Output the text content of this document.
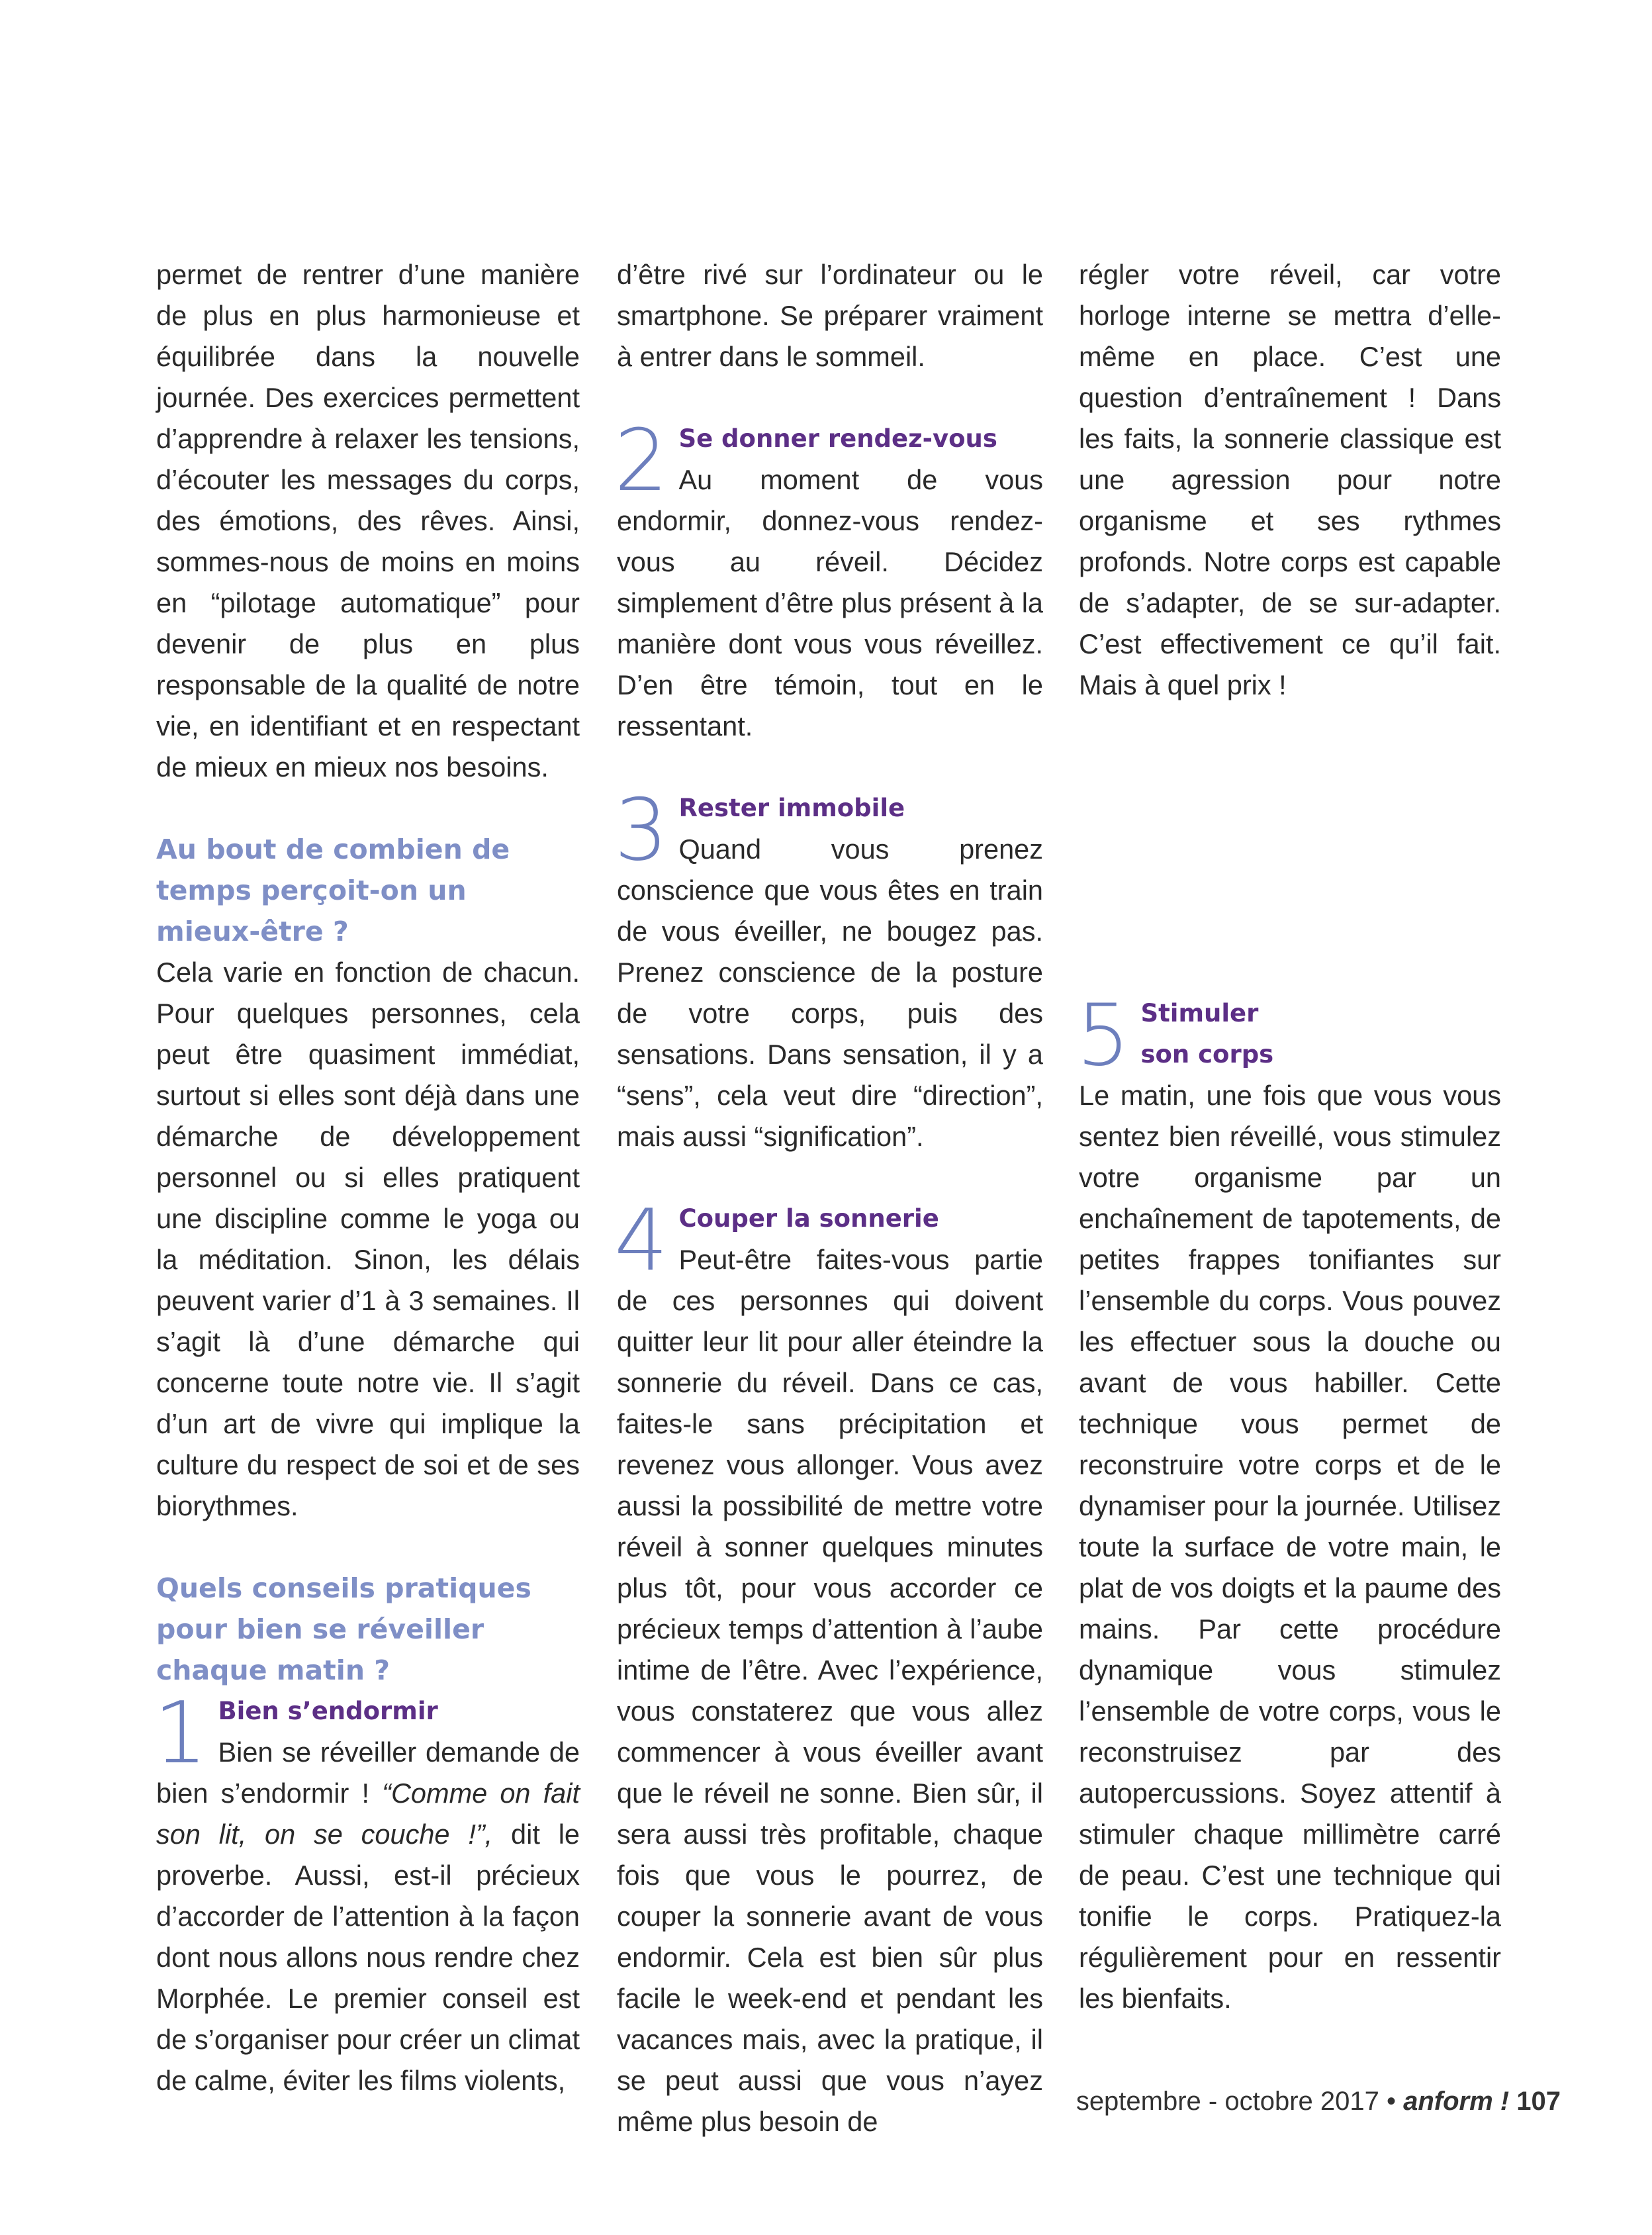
permet de rentrer d’une manière de plus en plus harmonieuse et équilibrée dans la nouvelle journée. Des exercices permettent d’apprendre à relaxer les tensions, d’écouter les messages du corps, des émotions, des rêves. Ainsi, sommes-nous de moins en moins en “pilotage automatique” pour devenir de plus en plus responsable de la qualité de notre vie, en identifiant et en respectant de mieux en mieux nos besoins.

Au bout de combien de temps perçoit-on un mieux-être ?

Cela varie en fonction de chacun. Pour quelques personnes, cela peut être quasiment immédiat, surtout si elles sont déjà dans une démarche de développement personnel ou si elles pratiquent une discipline comme le yoga ou la méditation. Sinon, les délais peuvent varier d’1 à 3 semaines. Il s’agit là d’une démarche qui concerne toute notre vie. Il s’agit d’un art de vivre qui implique la culture du respect de soi et de ses biorythmes.

Quels conseils pratiques pour bien se réveiller chaque matin ?
1 Bien s’endormir

Bien se réveiller demande de bien s’endormir ! “Comme on fait son lit, on se couche !”, dit le proverbe. Aussi, est-il précieux d’accorder de l’attention à la façon dont nous allons nous rendre chez Morphée. Le premier conseil est de s’organiser pour créer un climat de calme, éviter les films violents,

d’être rivé sur l’ordinateur ou le smartphone. Se préparer vraiment à entrer dans le sommeil.

2 Se donner rendez-vous

Au moment de vous endormir, donnez-vous rendez-vous au réveil. Décidez simplement d’être plus présent à la manière dont vous vous réveillez. D’en être témoin, tout en le ressentant.

3 Rester immobile

Quand vous prenez conscience que vous êtes en train de vous éveiller, ne bougez pas. Prenez conscience de la posture de votre corps, puis des sensations. Dans sensation, il y a “sens”, cela veut dire “direction”, mais aussi “signification”.

4 Couper la sonnerie

Peut-être faites-vous partie de ces personnes qui doivent quitter leur lit pour aller éteindre la sonnerie du réveil. Dans ce cas, faites-le sans précipitation et revenez vous allonger. Vous avez aussi la possibilité de mettre votre réveil à sonner quelques minutes plus tôt, pour vous accorder ce précieux temps d’attention à l’aube intime de l’être. Avec l’expérience, vous constaterez que vous allez commencer à vous éveiller avant que le réveil ne sonne. Bien sûr, il sera aussi très profitable, chaque fois que vous le pourrez, de couper la sonnerie avant de vous endormir. Cela est bien sûr plus facile le week-end et pendant les vacances mais, avec la pratique, il se peut aussi que vous n’ayez même plus besoin de

régler votre réveil, car votre horloge interne se mettra d’elle-même en place. C’est une question d’entraînement ! Dans les faits, la sonnerie classique est une agression pour notre organisme et ses rythmes profonds. Notre corps est capable de s’adapter, de se sur-adapter. C’est effectivement ce qu’il fait. Mais à quel prix !

5 Stimuler
son corps

Le matin, une fois que vous vous sentez bien réveillé, vous stimulez votre organisme par un enchaînement de tapotements, de petites frappes tonifiantes sur l’ensemble du corps. Vous pouvez les effectuer sous la douche ou avant de vous habiller. Cette technique vous permet de reconstruire votre corps et de le dynamiser pour la journée. Utilisez toute la surface de votre main, le plat de vos doigts et la paume des mains. Par cette procédure dynamique vous stimulez l’ensemble de votre corps, vous le reconstruisez par des autopercussions. Soyez attentif à stimuler chaque millimètre carré de peau. C’est une technique qui tonifie le corps. Pratiquez-la régulièrement pour en ressentir les bienfaits.

septembre - octobre 2017 • anform ! 107
